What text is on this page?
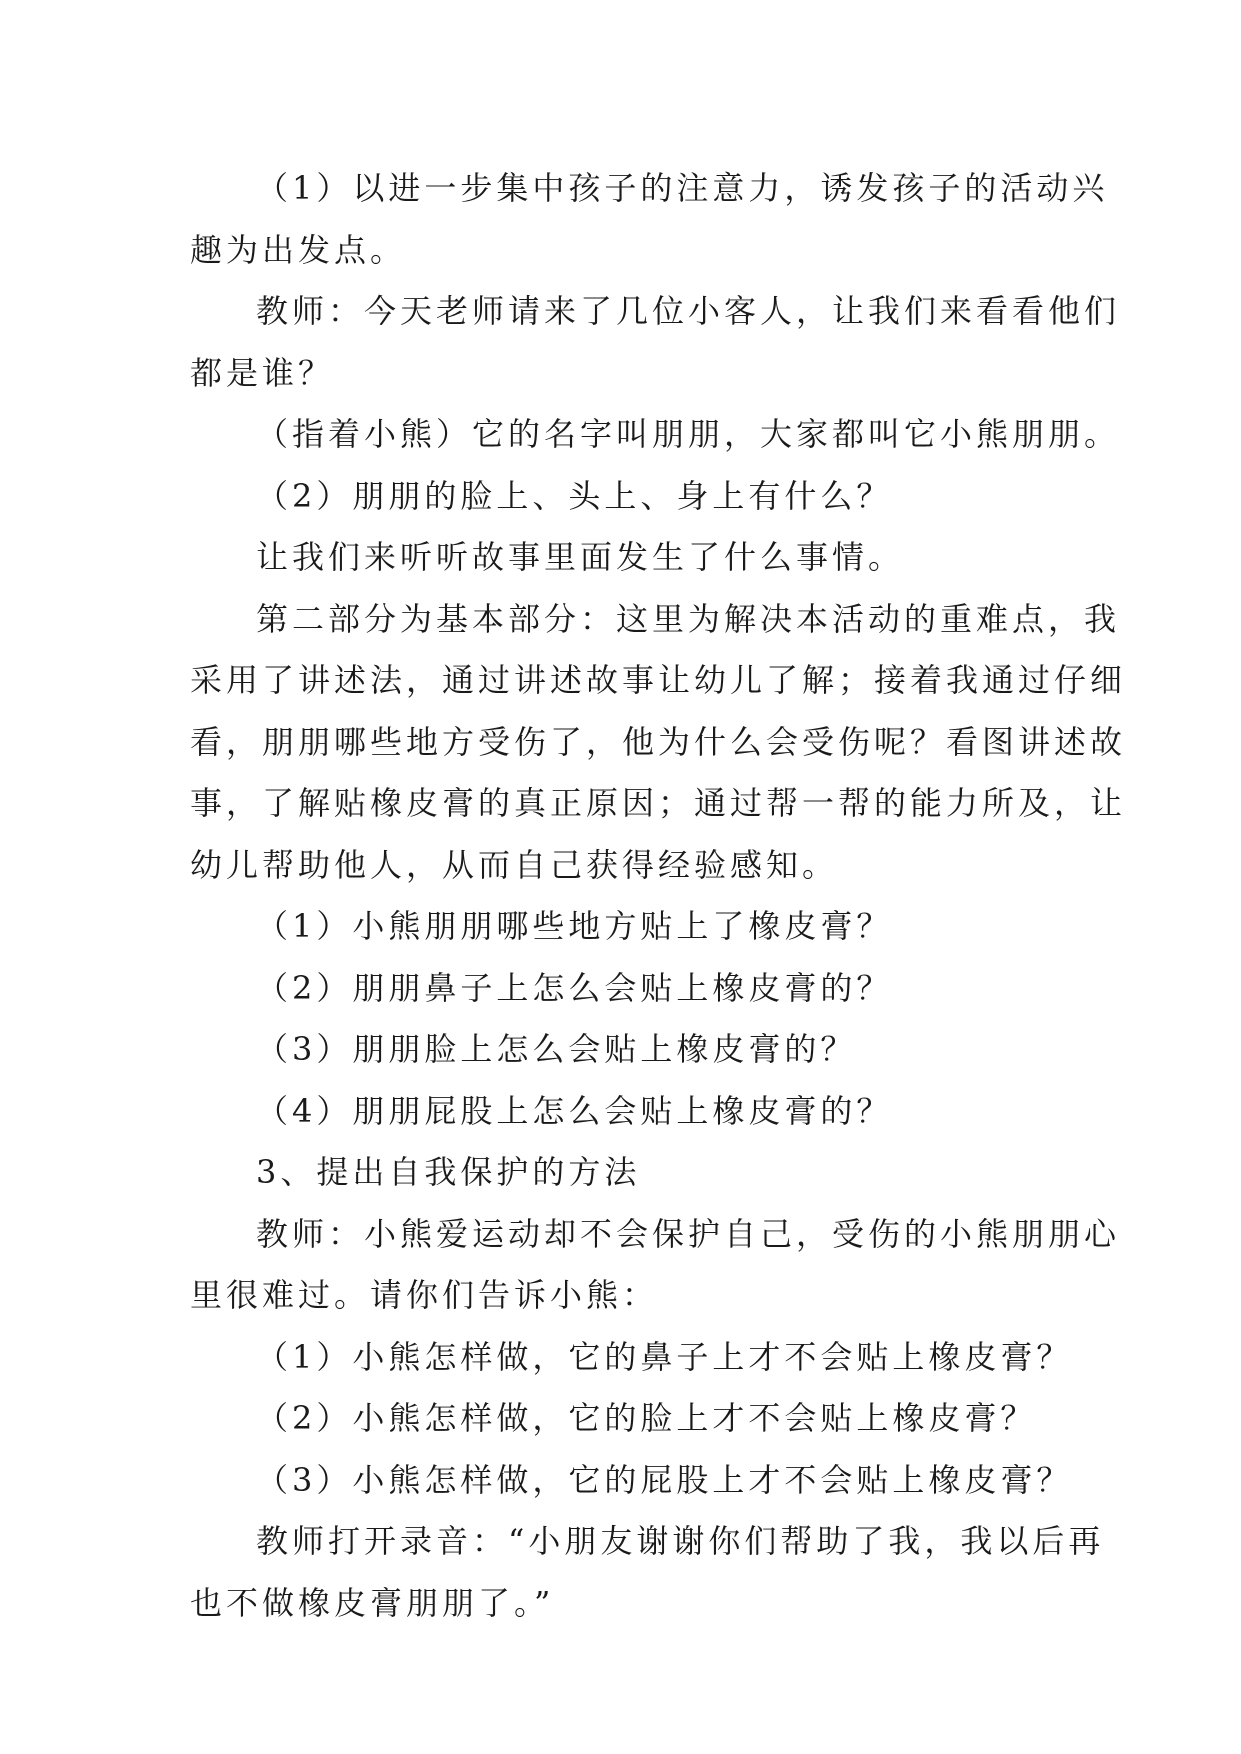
（1）以进一步集中孩子的注意力，诱发孩子的活动兴
趣为出发点。
教师：今天老师请来了几位小客人，让我们来看看他们
都是谁？
（指着小熊）它的名字叫朋朋，大家都叫它小熊朋朋。
（2）朋朋的脸上、头上、身上有什么？
让我们来听听故事里面发生了什么事情。
第二部分为基本部分：这里为解决本活动的重难点，我
采用了讲述法，通过讲述故事让幼儿了解；接着我通过仔细
看，朋朋哪些地方受伤了，他为什么会受伤呢？看图讲述故
事，了解贴橡皮膏的真正原因；通过帮一帮的能力所及，让
幼儿帮助他人，从而自己获得经验感知。
（1）小熊朋朋哪些地方贴上了橡皮膏？
（2）朋朋鼻子上怎么会贴上橡皮膏的？
（3）朋朋脸上怎么会贴上橡皮膏的？
（4）朋朋屁股上怎么会贴上橡皮膏的？
3、提出自我保护的方法
教师：小熊爱运动却不会保护自己，受伤的小熊朋朋心
里很难过。请你们告诉小熊：
（1）小熊怎样做，它的鼻子上才不会贴上橡皮膏？
（2）小熊怎样做，它的脸上才不会贴上橡皮膏？
（3）小熊怎样做，它的屁股上才不会贴上橡皮膏？
教师打开录音：“小朋友谢谢你们帮助了我，我以后再
也不做橡皮膏朋朋了。”
